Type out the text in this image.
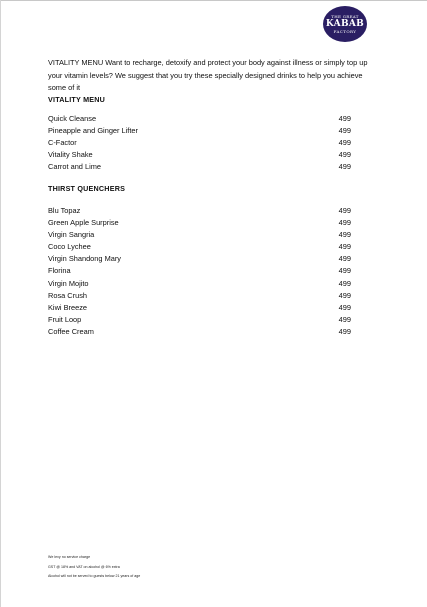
THE GREAT
KABAB
FACTORY

VITALITY MENU Want to recharge, detoxify and protect your body against illness or simply top up your vitamin levels? We suggest that you try these specially designed drinks to help you achieve some of it

VITALITY MENU
Quick Cleanse	499
Pineapple and Ginger Lifter	499
C-Factor	499
Vitality Shake	499
Carrot and Lime	499
THIRST QUENCHERS
Blu Topaz	499
Green Apple Surprise	499
Virgin Sangria	499
Coco Lychee	499
Virgin Shandong Mary	499
Florina	499
Virgin Mojito	499
Rosa Crush	499
Kiwi Breeze	499
Fruit Loop	499
Coffee Cream	499
We levy no service charge
GST @ 18% and VAT on alcohol @ 6% extra
Alcohol will not be served to guests below 21 years of age
